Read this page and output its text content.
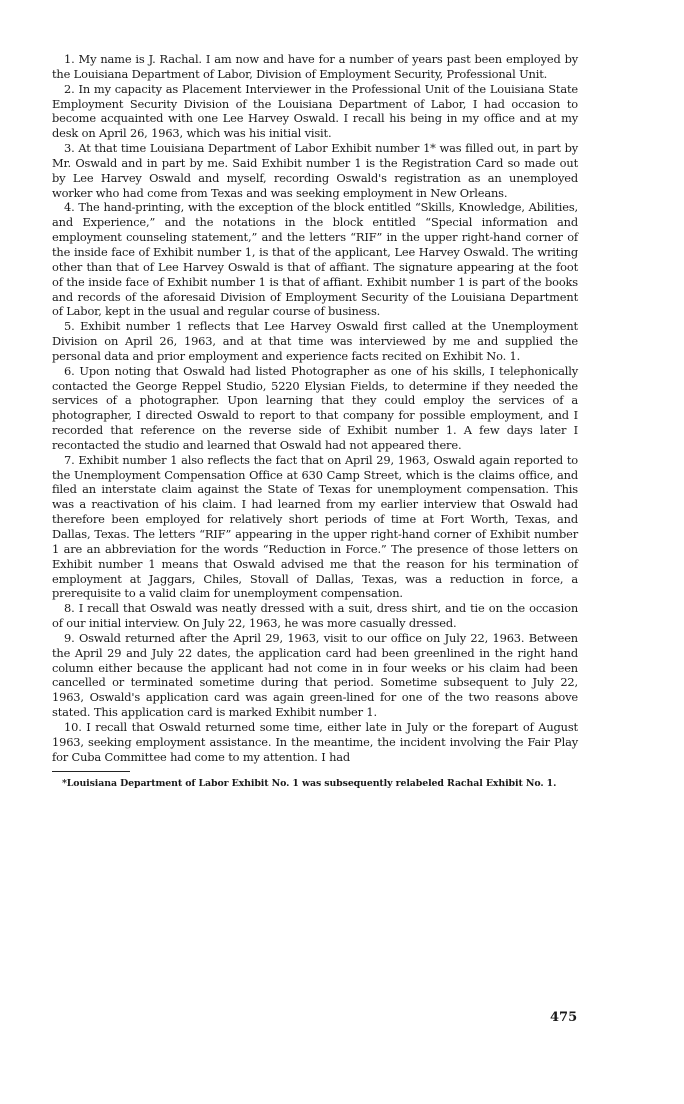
1. My name is J. Rachal. I am now and have for a number of years past been employed by the Louisiana Department of Labor, Division of Employment Security, Professional Unit.

2. In my capacity as Placement Interviewer in the Professional Unit of the Louisiana State Employment Security Division of the Louisiana Department of Labor, I had occasion to become acquainted with one Lee Harvey Oswald. I recall his being in my office and at my desk on April 26, 1963, which was his initial visit.

3. At that time Louisiana Department of Labor Exhibit number 1* was filled out, in part by Mr. Oswald and in part by me. Said Exhibit number 1 is the Registration Card so made out by Lee Harvey Oswald and myself, recording Oswald's registration as an unemployed worker who had come from Texas and was seeking employment in New Orleans.

4. The hand-printing, with the exception of the block entitled “Skills, Knowledge, Abilities, and Experience,” and the notations in the block entitled “Special information and employment counseling statement,” and the letters “RIF” in the upper right-hand corner of the inside face of Exhibit number 1, is that of the applicant, Lee Harvey Oswald. The writing other than that of Lee Harvey Oswald is that of affiant. The signature appearing at the foot of the inside face of Exhibit number 1 is that of affiant. Exhibit number 1 is part of the books and records of the aforesaid Division of Employment Security of the Louisiana Department of Labor, kept in the usual and regular course of business.

5. Exhibit number 1 reflects that Lee Harvey Oswald first called at the Unemployment Division on April 26, 1963, and at that time was interviewed by me and supplied the personal data and prior employment and experience facts recited on Exhibit No. 1.

6. Upon noting that Oswald had listed Photographer as one of his skills, I telephonically contacted the George Reppel Studio, 5220 Elysian Fields, to determine if they needed the services of a photographer. Upon learning that they could employ the services of a photographer, I directed Oswald to report to that company for possible employment, and I recorded that reference on the reverse side of Exhibit number 1. A few days later I recontacted the studio and learned that Oswald had not appeared there.

7. Exhibit number 1 also reflects the fact that on April 29, 1963, Oswald again reported to the Unemployment Compensation Office at 630 Camp Street, which is the claims office, and filed an interstate claim against the State of Texas for unemployment compensation. This was a reactivation of his claim. I had learned from my earlier interview that Oswald had therefore been employed for relatively short periods of time at Fort Worth, Texas, and Dallas, Texas. The letters “RIF” appearing in the upper right-hand corner of Exhibit number 1 are an abbreviation for the words “Reduction in Force.” The presence of those letters on Exhibit number 1 means that Oswald advised me that the reason for his termination of employment at Jaggars, Chiles, Stovall of Dallas, Texas, was a reduction in force, a prerequisite to a valid claim for unemployment compensation.

8. I recall that Oswald was neatly dressed with a suit, dress shirt, and tie on the occasion of our initial interview. On July 22, 1963, he was more casually dressed.

9. Oswald returned after the April 29, 1963, visit to our office on July 22, 1963. Between the April 29 and July 22 dates, the application card had been greenlined in the right hand column either because the applicant had not come in in four weeks or his claim had been cancelled or terminated sometime during that period. Sometime subsequent to July 22, 1963, Oswald's application card was again green-lined for one of the two reasons above stated. This application card is marked Exhibit number 1.

10. I recall that Oswald returned some time, either late in July or the forepart of August 1963, seeking employment assistance. In the meantime, the incident involving the Fair Play for Cuba Committee had come to my attention. I had

*Louisiana Department of Labor Exhibit No. 1 was subsequently relabeled Rachal Exhibit No. 1.

475
